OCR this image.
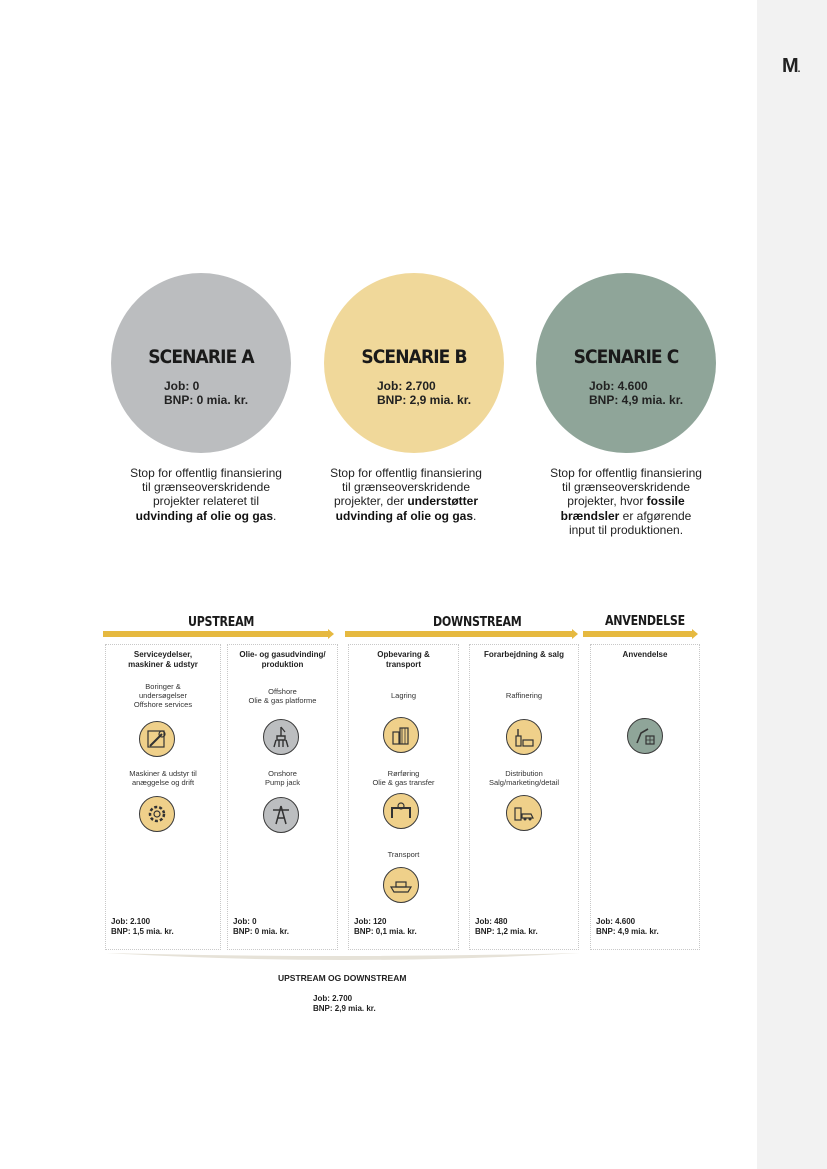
M.
SCENARIE A
Job: 0
BNP: 0 mia. kr.
SCENARIE B
Job: 2.700
BNP: 2,9 mia. kr.
SCENARIE C
Job: 4.600
BNP: 4,9 mia. kr.
Stop for offentlig finansiering
til grænseoverskridende
projekter relateret til
udvinding af olie og gas.
Stop for offentlig finansiering
til grænseoverskridende
projekter, der understøtter
udvinding af olie og gas.
Stop for offentlig finansiering
til grænseoverskridende
projekter, hvor fossile
brændsler er afgørende
input til produktionen.
UPSTREAM	DOWNSTREAM	ANVENDELSE
Serviceydelser,
maskiner & udstyr
Boringer &
undersøgelser
Offshore services
Maskiner & udstyr til
anæggelse og drift
Job: 2.100
BNP: 1,5 mia. kr.
Olie- og gasudvinding/
produktion
Offshore
Olie & gas platforme
Onshore
Pump jack
Job: 0
BNP: 0 mia. kr.
Opbevaring &
transport
Lagring
Rørføring
Olie & gas transfer
Transport
Job: 120
BNP: 0,1 mia. kr.
Forarbejdning & salg
Raffinering
Distribution
Salg/marketing/detail
Job: 480
BNP: 1,2 mia. kr.
Anvendelse
Job: 4.600
BNP: 4,9 mia. kr.
UPSTREAM OG DOWNSTREAM
Job: 2.700
BNP: 2,9 mia. kr.
